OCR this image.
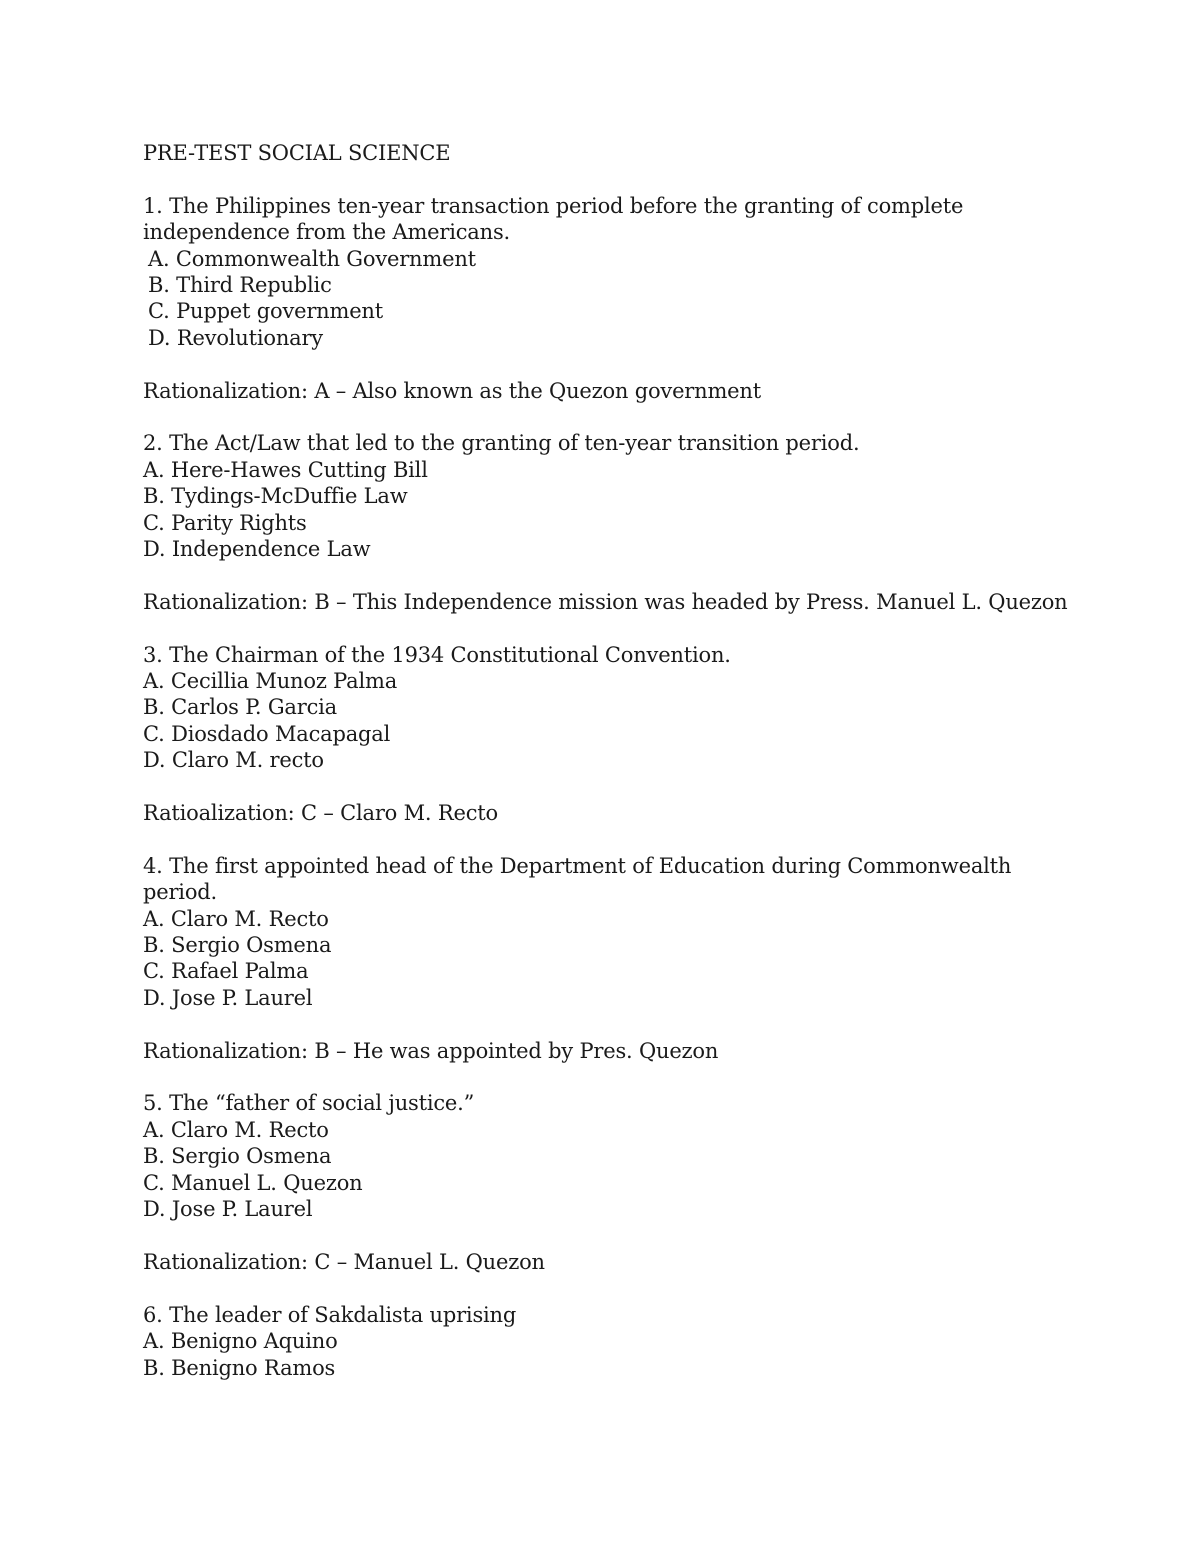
PRE-TEST SOCIAL SCIENCE

1. The Philippines ten-year transaction period before the granting of complete independence from the Americans.

A. Commonwealth Government
B. Third Republic
C. Puppet government
D. Revolutionary

Rationalization: A – Also known as the Quezon government

2. The Act/Law that led to the granting of ten-year transition period.

A. Here-Hawes Cutting Bill
B. Tydings-McDuffie Law
C. Parity Rights
D. Independence Law

Rationalization: B – This Independence mission was headed by Press. Manuel L. Quezon

3. The Chairman of the 1934 Constitutional Convention.

A. Cecillia Munoz Palma
B. Carlos P. Garcia
C. Diosdado Macapagal
D. Claro M. recto

Ratioalization: C – Claro M. Recto

4. The first appointed head of the Department of Education during Commonwealth period.

A. Claro M. Recto
B. Sergio Osmena
C. Rafael Palma
D. Jose P. Laurel

Rationalization: B – He was appointed by Pres. Quezon

5. The “father of social justice.”

A. Claro M. Recto
B. Sergio Osmena
C. Manuel L. Quezon
D. Jose P. Laurel

Rationalization: C – Manuel L. Quezon

6. The leader of Sakdalista uprising

A. Benigno Aquino
B. Benigno Ramos
